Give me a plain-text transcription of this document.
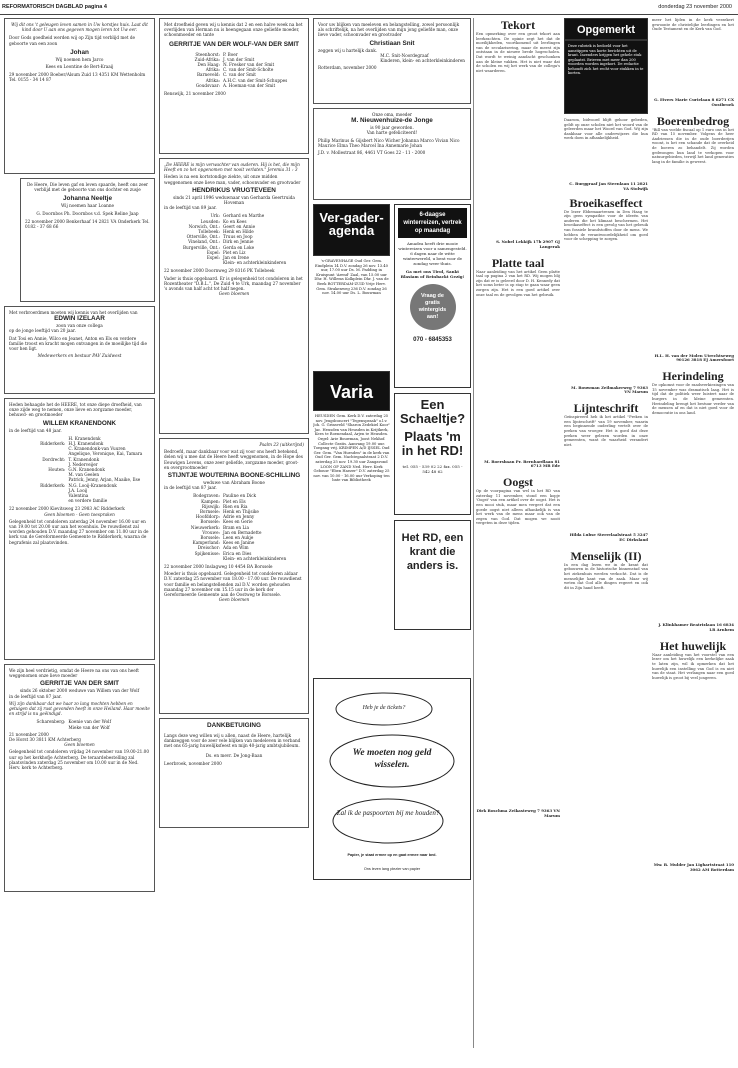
REFORMATORISCH DAGBLAD pagina 4	donderdag 23 november 2000
Wij dit ons 't geleugen leven samen in Uw korstjes huis. Laat dit kind door U aan ons gegeven mogen leren tot Uw eer.
Door Gods goedheid werden wij op Zijn tijd verblijd met de geboorte van een zoon
Johan
Wij noemen hem Jarco
Kees en Leontine de Bert-Kraaij
29 november 2000 Boeber/Alsum Zuid 13 4351 KM Wettenholm Tel. 0155 - 34 14 87
De Heere, Die leven gaf en leven spaarde, heeft ons zeer verblijd met de geboorte van ons dochter en zusje
Johanna Neeltje
Wij noemen haar Loanne
G. Doornbos Ph. Doornbos v.d. Spek Reline Jaap
22 november 2000 Benkerhaaf 14 2821 VA Onderkerk Tel. 0182 - 37 68 66
Met verbroerdmen moeten wij kennis van het overlijden van
EDWIN IZELAAR
zoon van onze collega
op de jonge leeftijd van 20 jaar.
Dat Tosi en Annie, Wilco en Jeanet, Anton en Els en verdere familie troost en kracht mogen ontvangen in de moeilijke tijd die voor hen ligt.
Medewerkers en bestuur PAV Zuidwest
Heden behaagde het de HEERE, tot onze diepe droefheid, van onze zijde weg te nemen, onze lieve en zorgzame moeder, behuwd- en grootmoeder
WILLEM KRANENDONK
in de leeftijd van 48 jaar.
H. Kranendonk
Ridderkerk: H.J. Kranendonk
C. Kranendonk-van Vuuren
Angelique, Veronique, Kai, Tamara
Dordrecht: T. Kranendonk
J. Nederveijer
Houten: G.N. Kranendonk
M. van Geelen
Patrick, Jenny, Arjan, Maaike, Ilse
Ridderkerk: N.G. Looij-Kranendonk
J.A. Looij
Valentina
en verdere familie
22 november 2000 Kievitsweg 23 2983 AC Ridderkerk
Geen bloemen - Geen toespraken
Gelegenheid tot condoleren zaterdag 24 november 16.00 uur en van 19.00 tot 20.00 uur aan het woonhuis. De rouwdienst zal worden gehouden D.V. maandag 27 november om 11.00 uur in de kerk van de Gereformeerde Gemeente te Ridderkerk, waarna de begrafenis zal plaatsvinden.
We zijn heel verdrietig, omdat de Heere na ons van ons heeft weggenomen onze lieve moeder
GERRITJE VAN DER SMIT
sinds 26 oktober 2000 weduwe van Willem van der Wolf
in de leeftijd van 87 jaar.
Wij zijn dankbaar dat we haar zo lang mochten hebben en getuigen dat zij rust gevonden heeft in onze Heiland. Haar moeite en strijd is nu geëindigd.
Scharenberg: Koenie van der Wolf
Mieke van der Wolf
21 november 2000
De Horst 30 3811 KM Achterberg
Geen bloemen
Gelegenheid tot condoleren vrijdag 24 november van 19.00-21.00 uur op het kerkhofje Achterberg. De teraardebestelling zal plaatsvinden zaterdag 25 november om 10.00 uur in de Ned. Herv. kerk te Achterberg.
Met droefheid geven wij u kennis dat 2 en een halve week na het overlijden van Herman nu is heengegaan onze geliefde moeder, schoonmoeder en tante
GERRITJE VAN DER WOLF-VAN DER SMIT
Steenhorst: P. Boer
Zuid-Afrika: J. van der Smit
Den Haag: N. Fresker van der Smit
Afrika: C. van der Smit-Scholte
Barneveld: C. van der Smit
Afrika: A.H.C. van der Smit-Schuppes
Goudsvaar: A. Hoeman-van der Smit
Renswijk, 21 november 2000
„De HEERE is mijn verwachter van ouderen. Hij is het, die mijn Heeft en zo het opgenomen met nooit verlaten." Jeremia 31 : 3
Heden is na een kortstondige ziekte, uit onze midden weggenomen onze lieve man, vader, schoonvader en grootvader
HENDRIKUS VRUGTEVEEN
sinds 21 april 1996 weduwnaar van Gerharda Geertruida Hoveman
in de leeftijd van 89 jaar.
Urk: Gerhard en Marthe
Leusden: Ko en Kees
Norwich, Ont.: Geert en Annie
Tollebeek: Henk en Hilde
Otterville, Ont.: Truus en Joop
Vineland, Ont.: Dirk en Jennie
Burgerville, Ont.: Gerda en Loke
Espel: Piet en Liz
Espel: Jan en Irene
Klein- en achterkleinkinderen
22 november 2000 Doornweg 29 8316 PK Tollebeek
Vader is thuis opgebaard. Er is gelegenheid tot condoleren in het Rozentheater "D.B.L.", De Zuid 4 te Urk, maandag 27 november 's avonds van half acht tot half negen.
Geen bloemen
Psalm 23 (uitkerijnd)
Bedroefd, maar dankbaar voor wat zij voor ons heeft betekend, delen wij u mee dat de Heere heeft weggenomen, in de Hope des Eeuwigen Levens, onze zeer geliefde, zorgzame moeder, groot- en overgrootmoeder
STIJNTJE WOUTERINA BOONE-SCHILLING
weduwe van Abraham Boone
in de leeftijd van 87 jaar.
Bodegraven: Pauline en Dick
Kampen: Piet en Els
Rijswijk: Rien en Ria
Bornsele: Henk en Thijsike
Hoofddorp: Adrie en Jenny
Borssele: Kees en Gerie
Nieuwerkerk: Bram en Lia
Vrouwe: Jan en Bernadette
Borssele: Leen en Aukje
Kamperland: Kees en Janine
Dreischor: Ada en Wim
Spijkenisse: Erica en Dies
Klein- en achterkleinkinderen
22 november 2000 Inslagweg 10 4454 BA Borssele
Moeder is thuis opgebaard. Gelegenheid tot condoleren aldaar D.V. zaterdag 25 november van 18.00 - 17.00 uur. De rouwdienst voor familie en belangstellenden zal D.V. worden gehouden maandag 27 november om 15.15 uur in de kerk der Gereformeerde Gemeente aan de Oostweg te Borssele.
Geen bloemen
DANKBETUIGING
Langs deze weg willen wij u allen, naast de Heere, hartelijk dankzeggen voor de zeer vele blijken van medeleven in verband met ons 65-jarig huwelijksfeest en mijn 40-jarig ambtsjubileum.
Ds. en mevr. De Jong-Baan
Leerbroek, november 2000
Voor uw blijken van meeleven en belangstelling, zowel persoonlijk als schriftelijk, na het overlijden van mijn jong geliefde man, onze lieve vader, schoonvader en grootvader
Christiaan Snit
zeggen wij u hartelijk dank.
M.C. Snit-Noordegraaf
Kinderen, klein- en achterkleinkinderen
Rotterdam, november 2000
Onze oma, moeder
M. Nieuwenhuize-de Jonge
is 90 jaar geworden.
Van harte gefeliciteerd!
Philip Marinus & Gijsbert Nico Wicher Johanna Marco Vivian Nico Maurice Elma Theo Marcel Ina Annemarie Johan
J.D. v. Mollestraat 86, 4461 VT Goes 22 - 11 - 2000
Ver-gader-agenda
's-GRAVENHAGE Oud Ger. Gem. Eindplein 14 D.V. zondag 26 nov. 13.40 uur, 17.00 uur Ds. M. Padding in Kruispunt 'Arend' Zaal, van 15.00 uur Dhr. H. Willems Kolkplein Dhr. J. van de Beek ROTTERDAM-ZUID Vrije Herv. Gem. Strakenweg 236 D.V. zondag 26 nov. 14.00 uur Ds. L. Bouwman
Varia
HEUSDEN Gem. Kerk D.V. zaterdag 25 nov. Jeugdconcert "Tegenspraak" o.l.v. Joh. G. Grinsveld "Sharon Zedekiel Koor" Jac. Heusden van Heusden in Krijtkerk, Kees te Roenendaal, Arjen te Heusden. Orgel: Arie Bouwman, Joost Nekhof. Collecte Gratis. Aanvang 19.00 uur. Toegang vrij. KRIMPEN A/D IJSSEL Oud Ger. Gem. "Van Huesden" in de kerk van Oud Ger. Gem. Nachtegaalstraat 2 D.V. zaterdag 25 nov. 19.30 uur Zangavond LOON OP ZAND Ned. Herv. Kerk Gebouw "Eben Haezer" D.V. zaterdag 25 nov. van 10.00 - 16.00 uur Verkoping ten bate van Bibliotheek
6-daagse winterreizen, vertrek op maandag
Amadea heeft drie mooie wintereizen voor u samengesteld. 6 dagen naar de witte winterwereld, u bent voor de zondag weer thuis.
Ga met ons Tirol, Sankt Blasiam of Reinbackt Gezig!
Vraag de gratis wintergids aan!
070 - 6845353
Een Schaeltje?
Plaats 'm in het RD!
tel. 055 - 539 02 22 fax. 055 - 542 48 62
Het RD, een krant die anders is.
Heb je de tickets?
We moeten nog geld wisselen.
Zal ik de paspoorten bij me houden?
Papier, je staat ermee op en gaat ermee naar bed.
Ons leven lang plezier van papier
Tekort
Een opmerking over een groot tekort aan leerkrachten. De opinie zegt het dat de moeilijkheden, voortkomend uit leerlingen van de secularisering, maar de meest zijn ontstaan in de nieuwe brede hogescholen. Dat wordt te weinig aandacht geschonken aan de kleine vakken. Het is niet waar dat de scholen en wij het werk van de collega's niet waarderen.
S. Nobel Lekkijk 17b 2907 GJ Langerak
Platte taal
Naar aanleiding van het artikel Geen platte taal op pagina 2 van het RD. Wij mogen blij zijn dat er is geleerd door D. H. Kennedy dat het soms beter is op stap te gaan waar geen zorgen zijn. Het is een goed artikel over onze taal en de gevolgen van het gebruik.
M. Boersbaan Pr. Bernhardlaan 81 6713 MB Ede
Oogst
Op de voorpagina van wel in het RD van zaterdag 11 november, stond een kopje 'Oogst' van een artikel over de oogst. Het is een mooi stuk, maar men vergeet dat een goede oogst niet alleen afhankelijk is van het werk van de mens maar ook van de zegen van God. Dat mogen we nooit vergeten in deze tijden.
Dirk Boschma Zeikasteweg 7 9363 VN Marum
Opgemerkt
Deze rubriek is bedoeld voor het aanstippen van korte berichten uit de krant. Inzenders krijgen het gehele stuk geplaatst. Brieven met meer dan 200 woorden worden ingekort. De redactie behoudt zich het recht voor stukken in te korten.
Daarom, bidvoord blijft gehoor gebeden, geldt op onze scholen niet het woord van de geleerden maar het Woord van God. Wij zijn dankbaar voor alle onderwijzers die hun werk doen in afhankelijkheid.
C. Burggraaf Jan Steenlaan 11 2821 VA Stolwijk
Broeikaseffect
De lezer Ebbemaartrenen in Den Haag te zijn geen sympathie voor de ideeën van anderen die het klimaat beschermen. Het broeikaseffect is een gevolg van het gebruik van fossiele brandstoffen door de mens. We hebben de verantwoordelijkheid om goed voor de schepping te zorgen.
M. Bouwman Zeilmakerweg 7 9363 VN Marum
Lijnteschrift
Geïnspireerd heb ik het artikel "Preken in een lijnteschrift" van 19 november, waarin een beginnende ouderling vertelt over de preken van vroeger. Het is goed dat deze preken weer gelezen worden in onze gemeenten, want de waarheid verandert niet.
Hilda Lubse Sterrelaalstraat 5 3247 EC Dirksland
Menselijk (II)
In een dag lezen we in de krant dat gebouwen in de historische binnenstad van het ziekenhuis werden verkocht. Dat is de menselijke kant van de zaak. Maar wij weten dat God alle dingen regeert en ook dit in Zijn hand heeft.
meer het lijden in de kerk verzekert gewoonte de christelijke leerlingen en het Oude Testament en de Kerk van God.
G. Eivers Marie Curielaan 8 6271 CX Oostbroek
Boerenbedrog
"Bill van voelde fiscaal op 1 euro ons in het RD van 15 november. Volgens de heer Andriessen die in de oude boerderijen woont, is het een schande dat de overheid de boeren zo behandelt. Zij worden gedwongen hun land te verkopen voor natuurgebieden, terwijl het land generaties lang in de familie is geweest.
H.L. H. van der Molen Utrechtseweg 90126 3818 EJ Amersfoort
Herindeling
De opkomst voor de raadsverkiezingen van 15 november was dramatisch laag. Het is tijd dat de politiek weer luistert naar de burgers in de kleine gemeenten. Herindeling brengt het bestuur verder van de mensen af en dat is niet goed voor de democratie in ons land.
J. Klinkhamer Beatrixlaan 16 6834 LR Arnhem
Het huwelijk
Naar aanleiding van het voorstel van een lezer om het huwelijk een kerkelijke zaak te laten zijn, wil ik opmerken dat het huwelijk een instelling van God is en niet van de staat. Het verlangen naar een goed huwelijk is groot bij veel jongeren.
Mw. B. Mulder Jan Lighartstraat 110 3062 AM Rotterdam
